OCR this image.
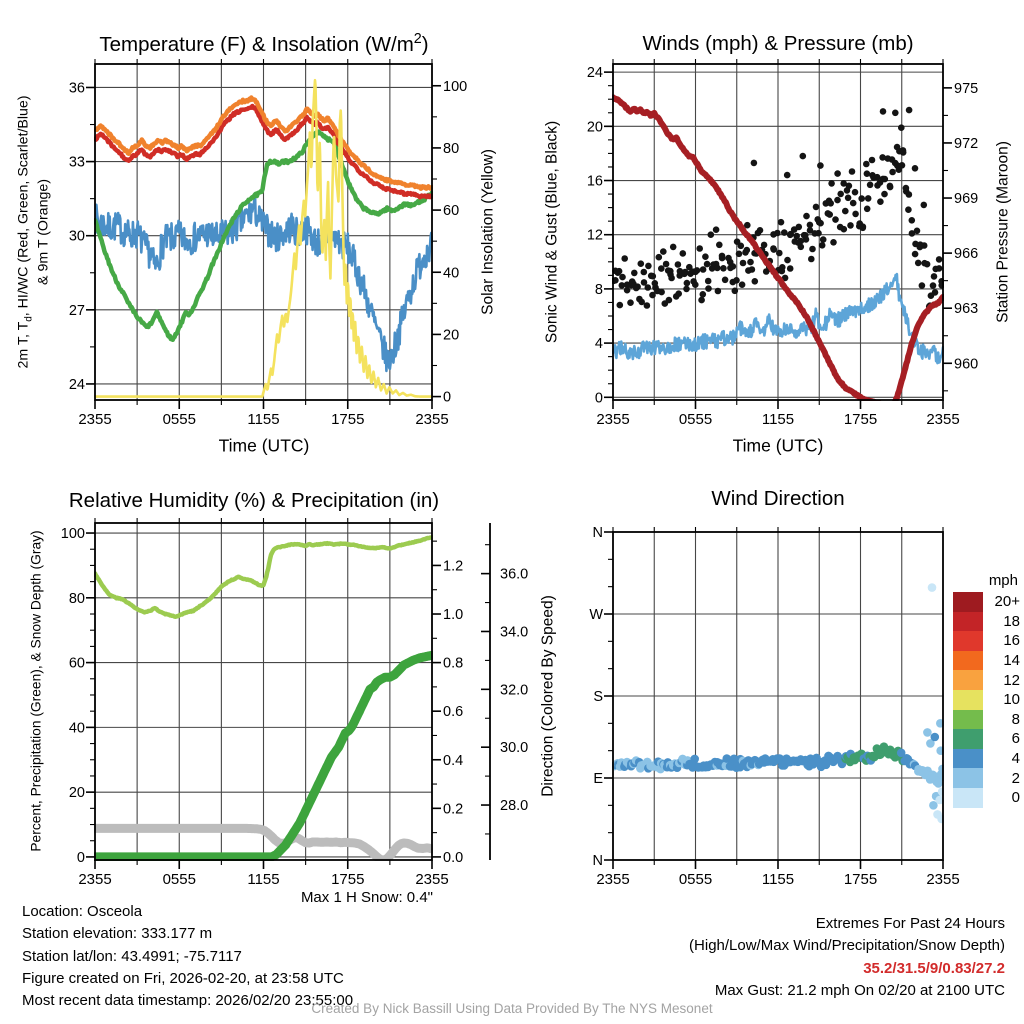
2355	0555	1155	1755	2355
24
27
30
33
36
0
20
40
60
80
100
2355	0555	1155	1755	2355
0
4
8
12
16
20
24
960
963
966
969
972
975
2355	0555	1155	1755	2355
0
20
40
60
80
100
0.0
0.2
0.4
0.6
0.8
1.0
1.2
28.0
30.0
32.0
34.0
36.0
2355	0555	1155	1755	2355
N
E
S
W
N
Temperature (F) & Insolation $(W/m^2)$	Winds (mph) & Pressure (mb)
Relative Humidity (%) & Precipitation (in)	Wind Direction
Time (UTC)	Time (UTC)
2m T, $T_d$, HI/WC (Red, Green, Scarlet/Blue) & 9m T (Orange)	Solar Insolation (Yellow)	Sonic Wind & Gust (Blue, Black)	Station Pressure (Maroon)
Percent, Precipitation (Green), & Snow Depth (Gray)	Direction (Colored By Speed)
mph
20+
18
16
14
12
10
8
6
4
2
0
Max 1 H Snow: 0.4"
Location: Osceola
Station elevation: 333.177 m
Station lat/lon: 43.4991; -75.7117
Figure created on Fri, 2026-02-20, at 23:58 UTC
Most recent data timestamp: 2026/02/20 23:55:00
Extremes For Past 24 Hours
(High/Low/Max Wind/Precipitation/Snow Depth)
35.2/31.5/9/0.83/27.2
Max Gust: 21.2 mph On 02/20 at 2100 UTC
Created By Nick Bassill Using Data Provided By The NYS Mesonet
